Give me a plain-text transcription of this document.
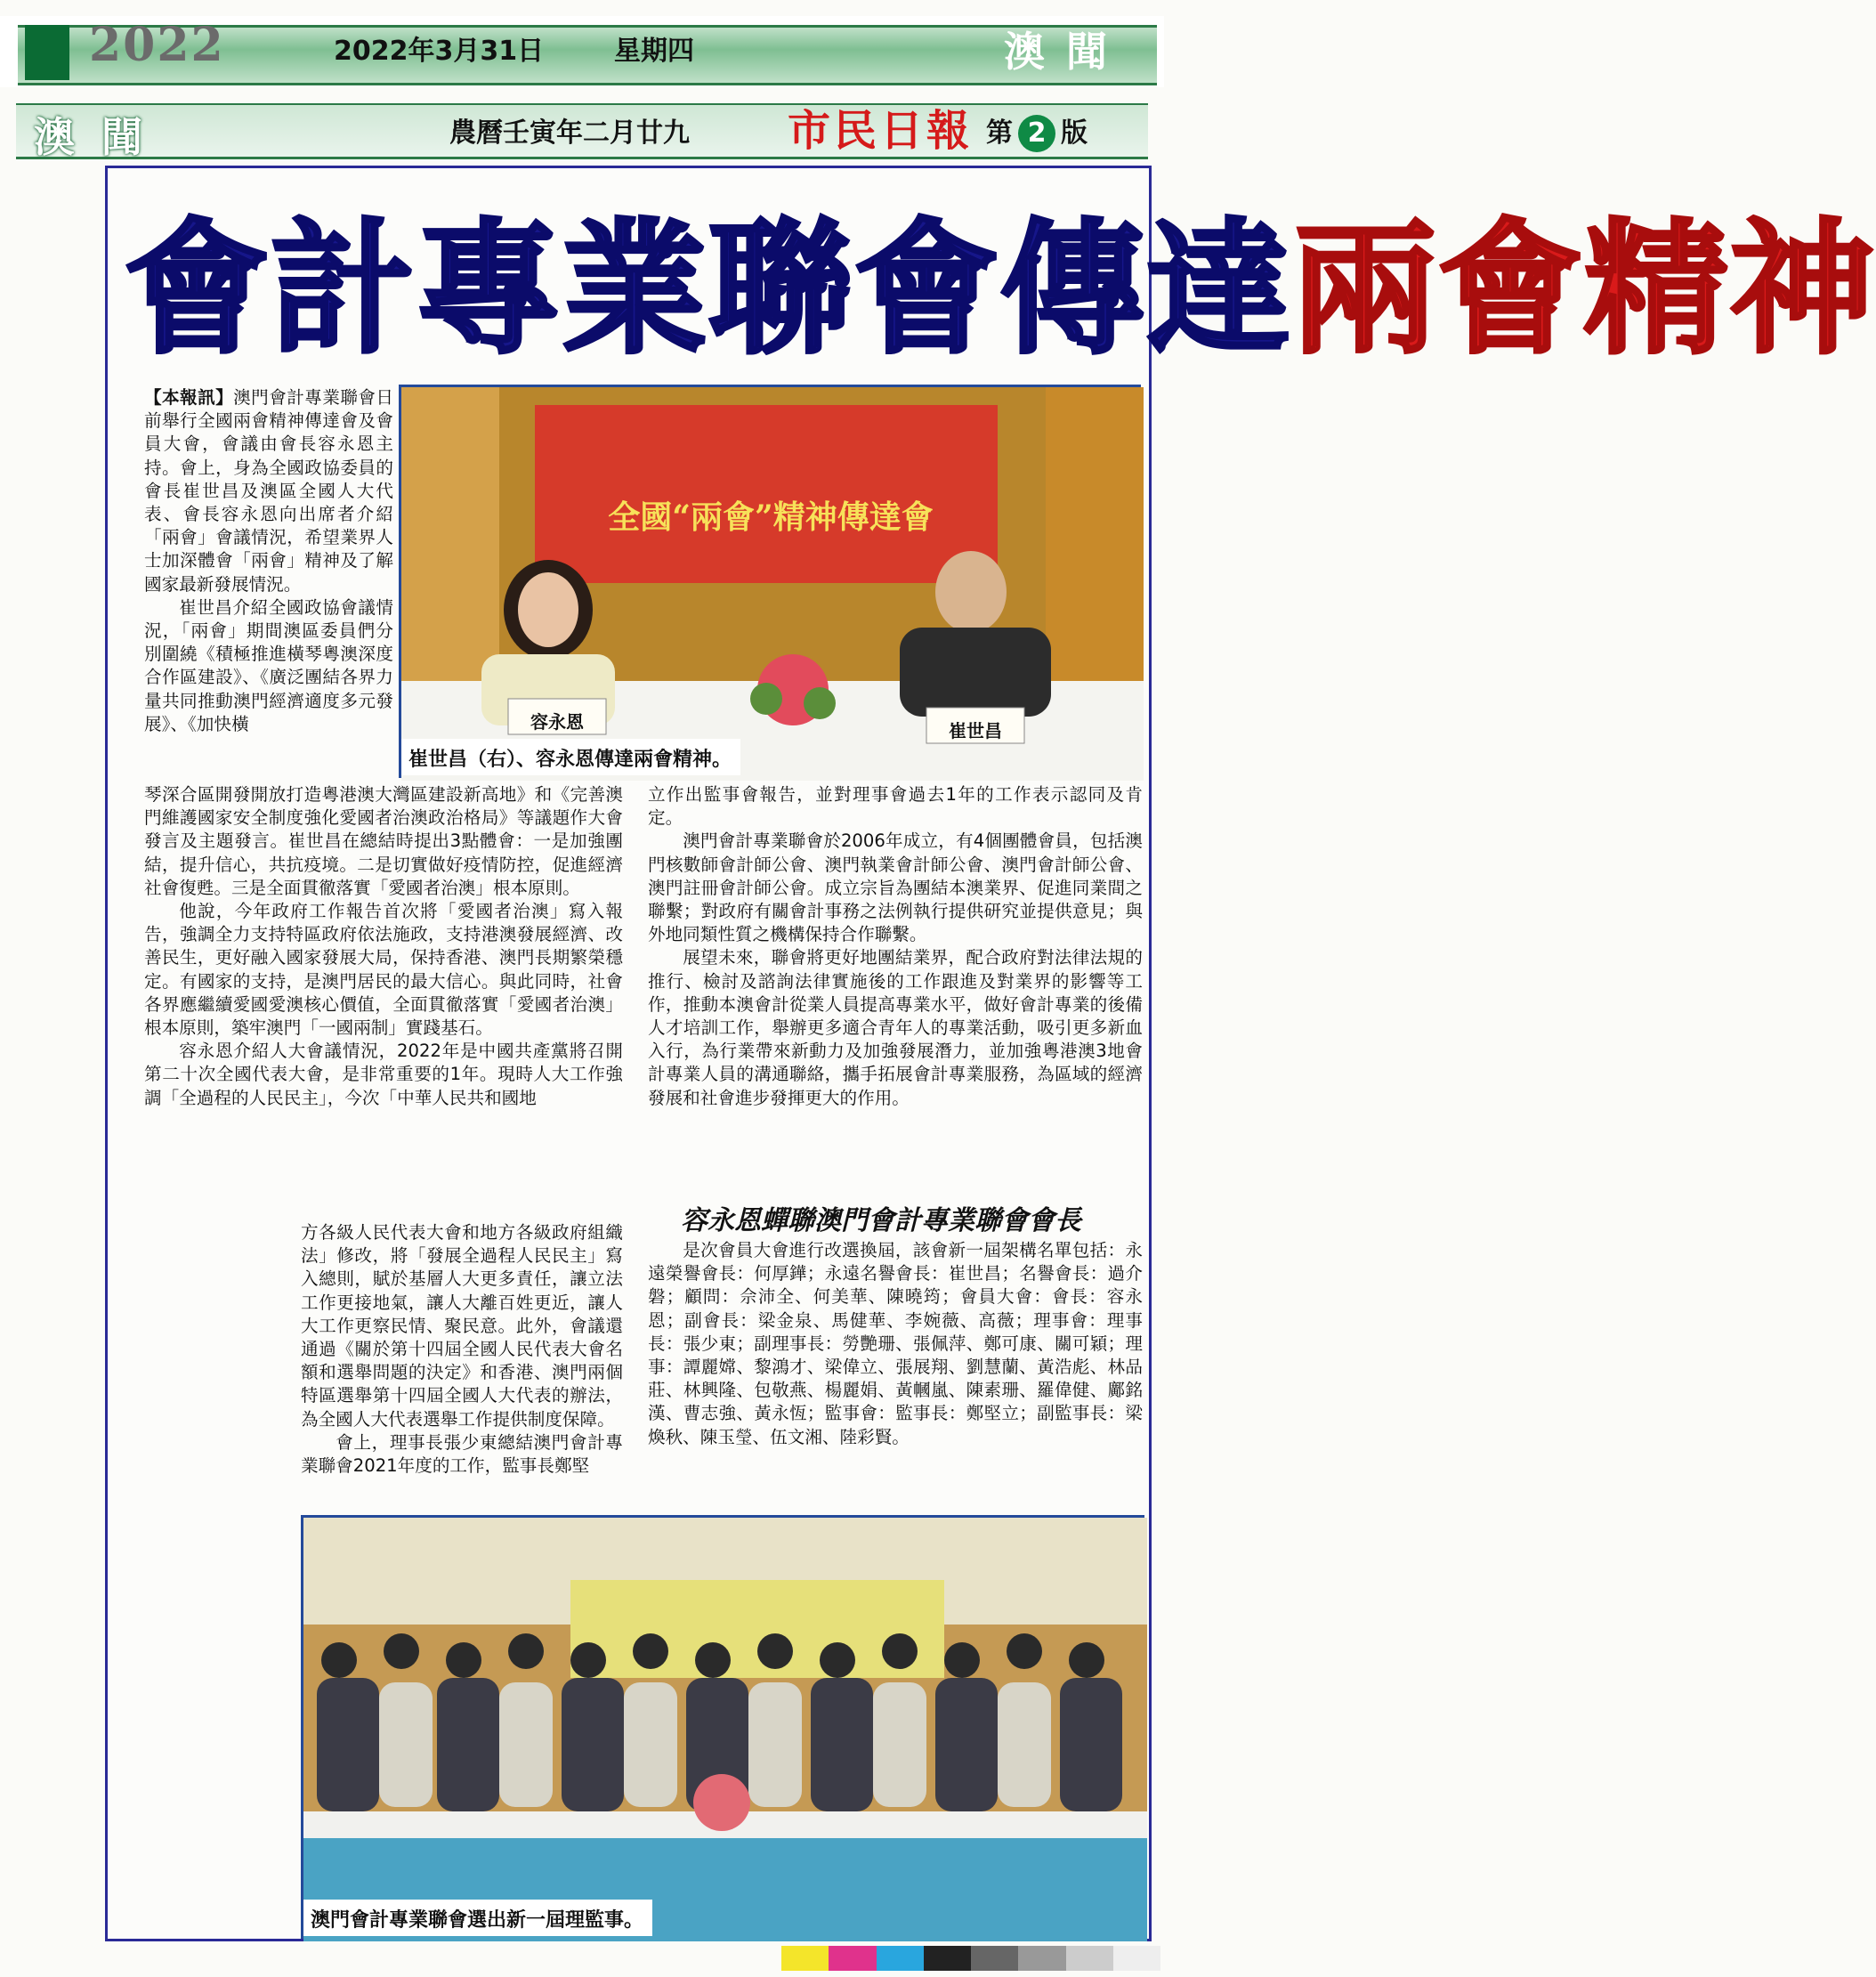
2022	2022年3月31日	星期四	澳聞
澳聞	農曆壬寅年二月廿九 市民日報 第 2 版
會計專業聯會傳達兩會精神
全國“兩會”精神傳達會
容永恩	崔世昌
崔世昌（右）、容永恩傳達兩會精神。

【本報訊】澳門會計專業聯會日前舉行全國兩會精神傳達會及會員大會，會議由會長容永恩主持。會上，身為全國政協委員的會長崔世昌及澳區全國人大代表、會長容永恩向出席者介紹「兩會」會議情況，希望業界人士加深體會「兩會」精神及了解國家最新發展情況。

崔世昌介紹全國政協會議情況，「兩會」期間澳區委員們分別圍繞《積極推進橫琴粵澳深度合作區建設》、《廣泛團結各界力量共同推動澳門經濟適度多元發展》、《加快橫

琴深合區開發開放打造粵港澳大灣區建設新高地》和《完善澳門維護國家安全制度強化愛國者治澳政治格局》等議題作大會發言及主題發言。崔世昌在總結時提出3點體會：一是加強團結，提升信心，共抗疫境。二是切實做好疫情防控，促進經濟社會復甦。三是全面貫徹落實「愛國者治澳」根本原則。

他說，今年政府工作報告首次將「愛國者治澳」寫入報告，強調全力支持特區政府依法施政，支持港澳發展經濟、改善民生，更好融入國家發展大局，保持香港、澳門長期繁榮穩定。有國家的支持，是澳門居民的最大信心。與此同時，社會各界應繼續愛國愛澳核心價值，全面貫徹落實「愛國者治澳」根本原則，築牢澳門「一國兩制」實踐基石。

容永恩介紹人大會議情況，2022年是中國共產黨將召開第二十次全國代表大會，是非常重要的1年。現時人大工作強調「全過程的人民民主」，今次「中華人民共和國地

方各級人民代表大會和地方各級政府組織法」修改，將「發展全過程人民民主」寫入總則，賦於基層人大更多責任，讓立法工作更接地氣，讓人大離百姓更近，讓人大工作更察民情、聚民意。此外，會議還通過《關於第十四屆全國人民代表大會名額和選舉問題的決定》和香港、澳門兩個特區選舉第十四屆全國人大代表的辦法，為全國人大代表選舉工作提供制度保障。

會上，理事長張少東總結澳門會計專業聯會2021年度的工作，監事長鄭堅

立作出監事會報告，並對理事會過去1年的工作表示認同及肯定。

澳門會計專業聯會於2006年成立，有4個團體會員，包括澳門核數師會計師公會、澳門執業會計師公會、澳門會計師公會、澳門註冊會計師公會。成立宗旨為團結本澳業界、促進同業間之聯繫；對政府有關會計事務之法例執行提供研究並提供意見；與外地同類性質之機構保持合作聯繫。

展望未來，聯會將更好地團結業界，配合政府對法律法規的推行、檢討及諮詢法律實施後的工作跟進及對業界的影響等工作，推動本澳會計從業人員提高專業水平，做好會計專業的後備人才培訓工作，舉辦更多適合青年人的專業活動，吸引更多新血入行，為行業帶來新動力及加強發展潛力，並加強粵港澳3地會計專業人員的溝通聯絡，攜手拓展會計專業服務，為區域的經濟發展和社會進步發揮更大的作用。

容永恩蟬聯澳門會計專業聯會會長

是次會員大會進行改選換屆，該會新一屆架構名單包括：永遠榮譽會長：何厚鏵；永遠名譽會長：崔世昌；名譽會長：過介磐；顧問：佘沛全、何美華、陳曉筠；會員大會：會長：容永恩；副會長：梁金泉、馬健華、李婉薇、高薇；理事會：理事長：張少東；副理事長：勞艷珊、張佩萍、鄭可康、關可穎；理事：譚麗嫦、黎鴻才、梁偉立、張展翔、劉慧蘭、黃浩彪、林品莊、林興隆、包敬燕、楊麗娟、黃幗嵐、陳素珊、羅偉健、鄺銘漢、曹志強、黃永恆；監事會：監事長：鄭堅立；副監事長：梁煥秋、陳玉瑩、伍文湘、陸彩賢。

澳門會計專業聯會選出新一屆理監事。
